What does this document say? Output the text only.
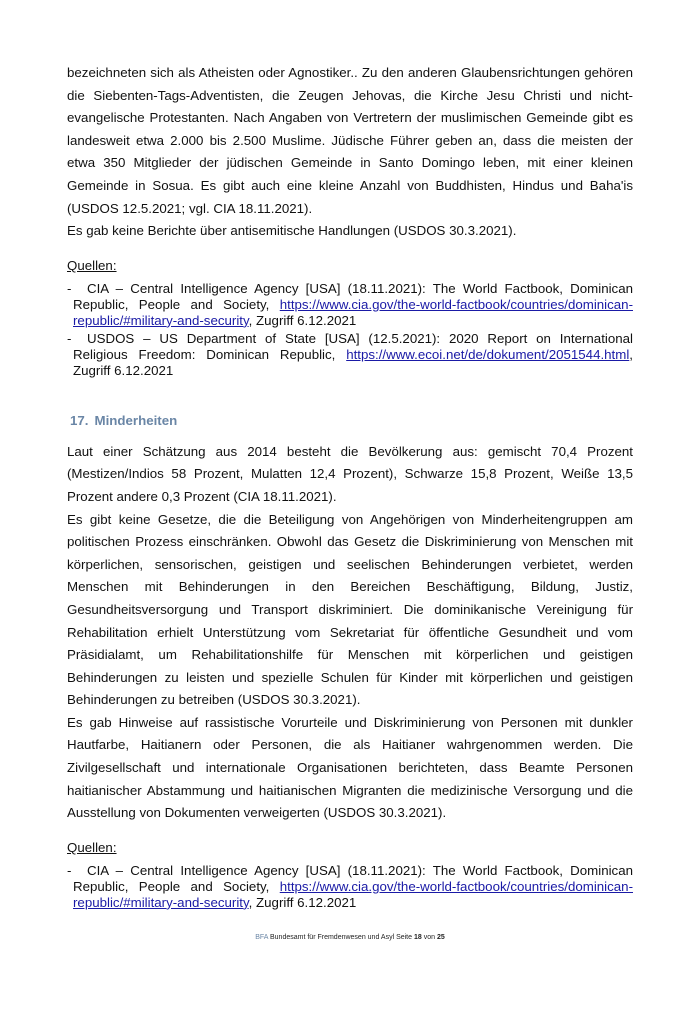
bezeichneten sich als Atheisten oder Agnostiker.. Zu den anderen Glaubensrichtungen gehören die Siebenten-Tags-Adventisten, die Zeugen Jehovas, die Kirche Jesu Christi und nicht-evangelische Protestanten. Nach Angaben von Vertretern der muslimischen Gemeinde gibt es landesweit etwa 2.000 bis 2.500 Muslime. Jüdische Führer geben an, dass die meisten der etwa 350 Mitglieder der jüdischen Gemeinde in Santo Domingo leben, mit einer kleinen Gemeinde in Sosua. Es gibt auch eine kleine Anzahl von Buddhisten, Hindus und Baha'is (USDOS 12.5.2021; vgl. CIA 18.11.2021).

Es gab keine Berichte über antisemitische Handlungen (USDOS 30.3.2021).

Quellen:
- CIA – Central Intelligence Agency [USA] (18.11.2021): The World Factbook, Dominican Republic, People and Society, https://www.cia.gov/the-world-factbook/countries/dominican-republic/#military-and-security, Zugriff 6.12.2021
- USDOS – US Department of State [USA] (12.5.2021): 2020 Report on International Religious Freedom: Dominican Republic, https://www.ecoi.net/de/dokument/2051544.html, Zugriff 6.12.2021
17. Minderheiten

Laut einer Schätzung aus 2014 besteht die Bevölkerung aus: gemischt 70,4 Prozent (Mestizen/Indios 58 Prozent, Mulatten 12,4 Prozent), Schwarze 15,8 Prozent, Weiße 13,5 Prozent andere 0,3 Prozent (CIA 18.11.2021).

Es gibt keine Gesetze, die die Beteiligung von Angehörigen von Minderheitengruppen am politischen Prozess einschränken. Obwohl das Gesetz die Diskriminierung von Menschen mit körperlichen, sensorischen, geistigen und seelischen Behinderungen verbietet, werden Menschen mit Behinderungen in den Bereichen Beschäftigung, Bildung, Justiz, Gesundheitsversorgung und Transport diskriminiert. Die dominikanische Vereinigung für Rehabilitation erhielt Unterstützung vom Sekretariat für öffentliche Gesundheit und vom Präsidialamt, um Rehabilitationshilfe für Menschen mit körperlichen und geistigen Behinderungen zu leisten und spezielle Schulen für Kinder mit körperlichen und geistigen Behinderungen zu betreiben (USDOS 30.3.2021).

Es gab Hinweise auf rassistische Vorurteile und Diskriminierung von Personen mit dunkler Hautfarbe, Haitianern oder Personen, die als Haitianer wahrgenommen werden. Die Zivilgesellschaft und internationale Organisationen berichteten, dass Beamte Personen haitianischer Abstammung und haitianischen Migranten die medizinische Versorgung und die Ausstellung von Dokumenten verweigerten (USDOS 30.3.2021).

Quellen:
- CIA – Central Intelligence Agency [USA] (18.11.2021): The World Factbook, Dominican Republic, People and Society, https://www.cia.gov/the-world-factbook/countries/dominican-republic/#military-and-security, Zugriff 6.12.2021
BFA Bundesamt für Fremdenwesen und Asyl Seite 18 von 25
